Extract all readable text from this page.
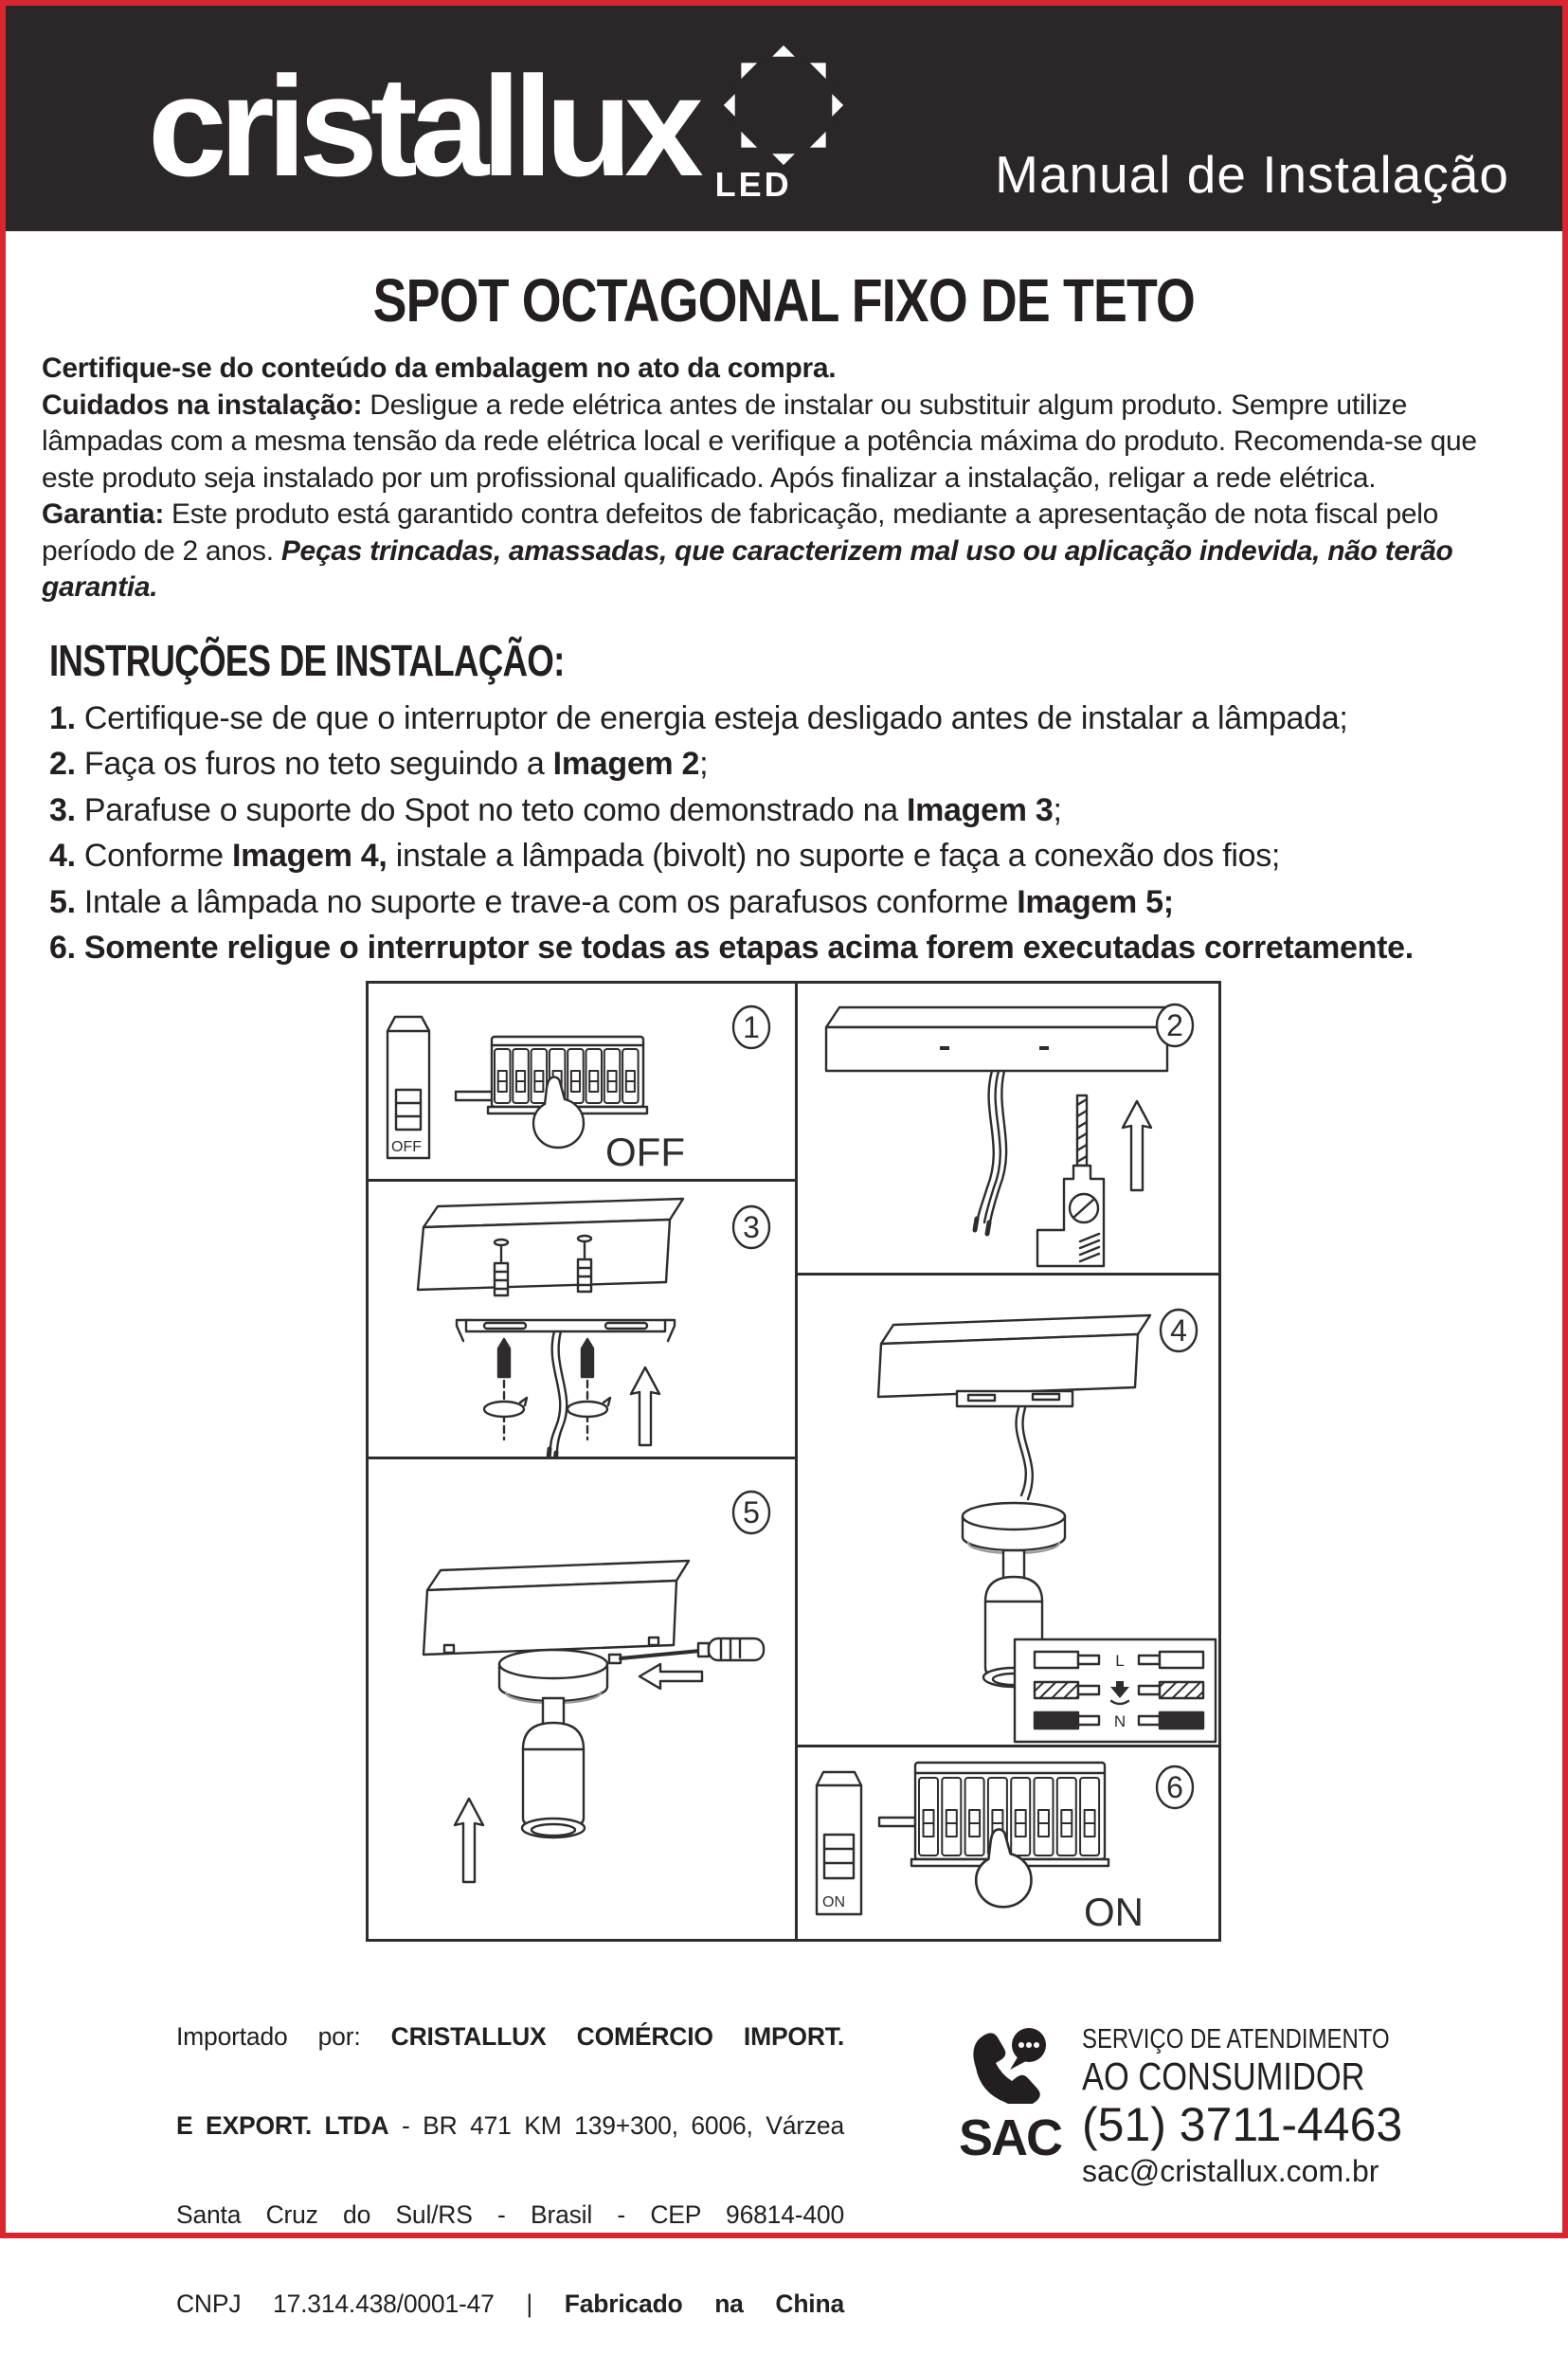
cristallux LED	Manual de Instalação
SPOT OCTAGONAL FIXO DE TETO

Certifique-se do conteúdo da embalagem no ato da compra.
Cuidados na instalação: Desligue a rede elétrica antes de instalar ou substituir algum produto. Sempre utilize lâmpadas com a mesma tensão da rede elétrica local e verifique a potência máxima do produto. Recomenda-se que este produto seja instalado por um profissional qualificado. Após finalizar a instalação, religar a rede elétrica.
Garantia: Este produto está garantido contra defeitos de fabricação, mediante a apresentação de nota fiscal pelo período de 2 anos. Peças trincadas, amassadas, que caracterizem mal uso ou aplicação indevida, não terão garantia.

INSTRUÇÕES DE INSTALAÇÃO:

1. Certifique-se de que o interruptor de energia esteja desligado antes de instalar a lâmpada;

2. Faça os furos no teto seguindo a Imagem 2;

3. Parafuse o suporte do Spot no teto como demonstrado na Imagem 3;

4. Conforme Imagem 4, instale a lâmpada (bivolt) no suporte e faça a conexão dos fios;

5. Intale a lâmpada no suporte e trave-a com os parafusos conforme Imagem 5;

6. Somente religue o interruptor se todas as etapas acima forem executadas corretamente.

OFF	OFF
1	2
3
L
N
4
5
ON	ON
6
Importado por: CRISTALLUX COMÉRCIO IMPORT.
E EXPORT. LTDA - BR 471 KM 139+300, 6006, Várzea
Santa Cruz do Sul/RS - Brasil - CEP 96814-400
CNPJ 17.314.438/0001-47 | Fabricado na China
SAC
SERVIÇO DE ATENDIMENTO
AO CONSUMIDOR
(51) 3711-4463
sac@cristallux.com.br
